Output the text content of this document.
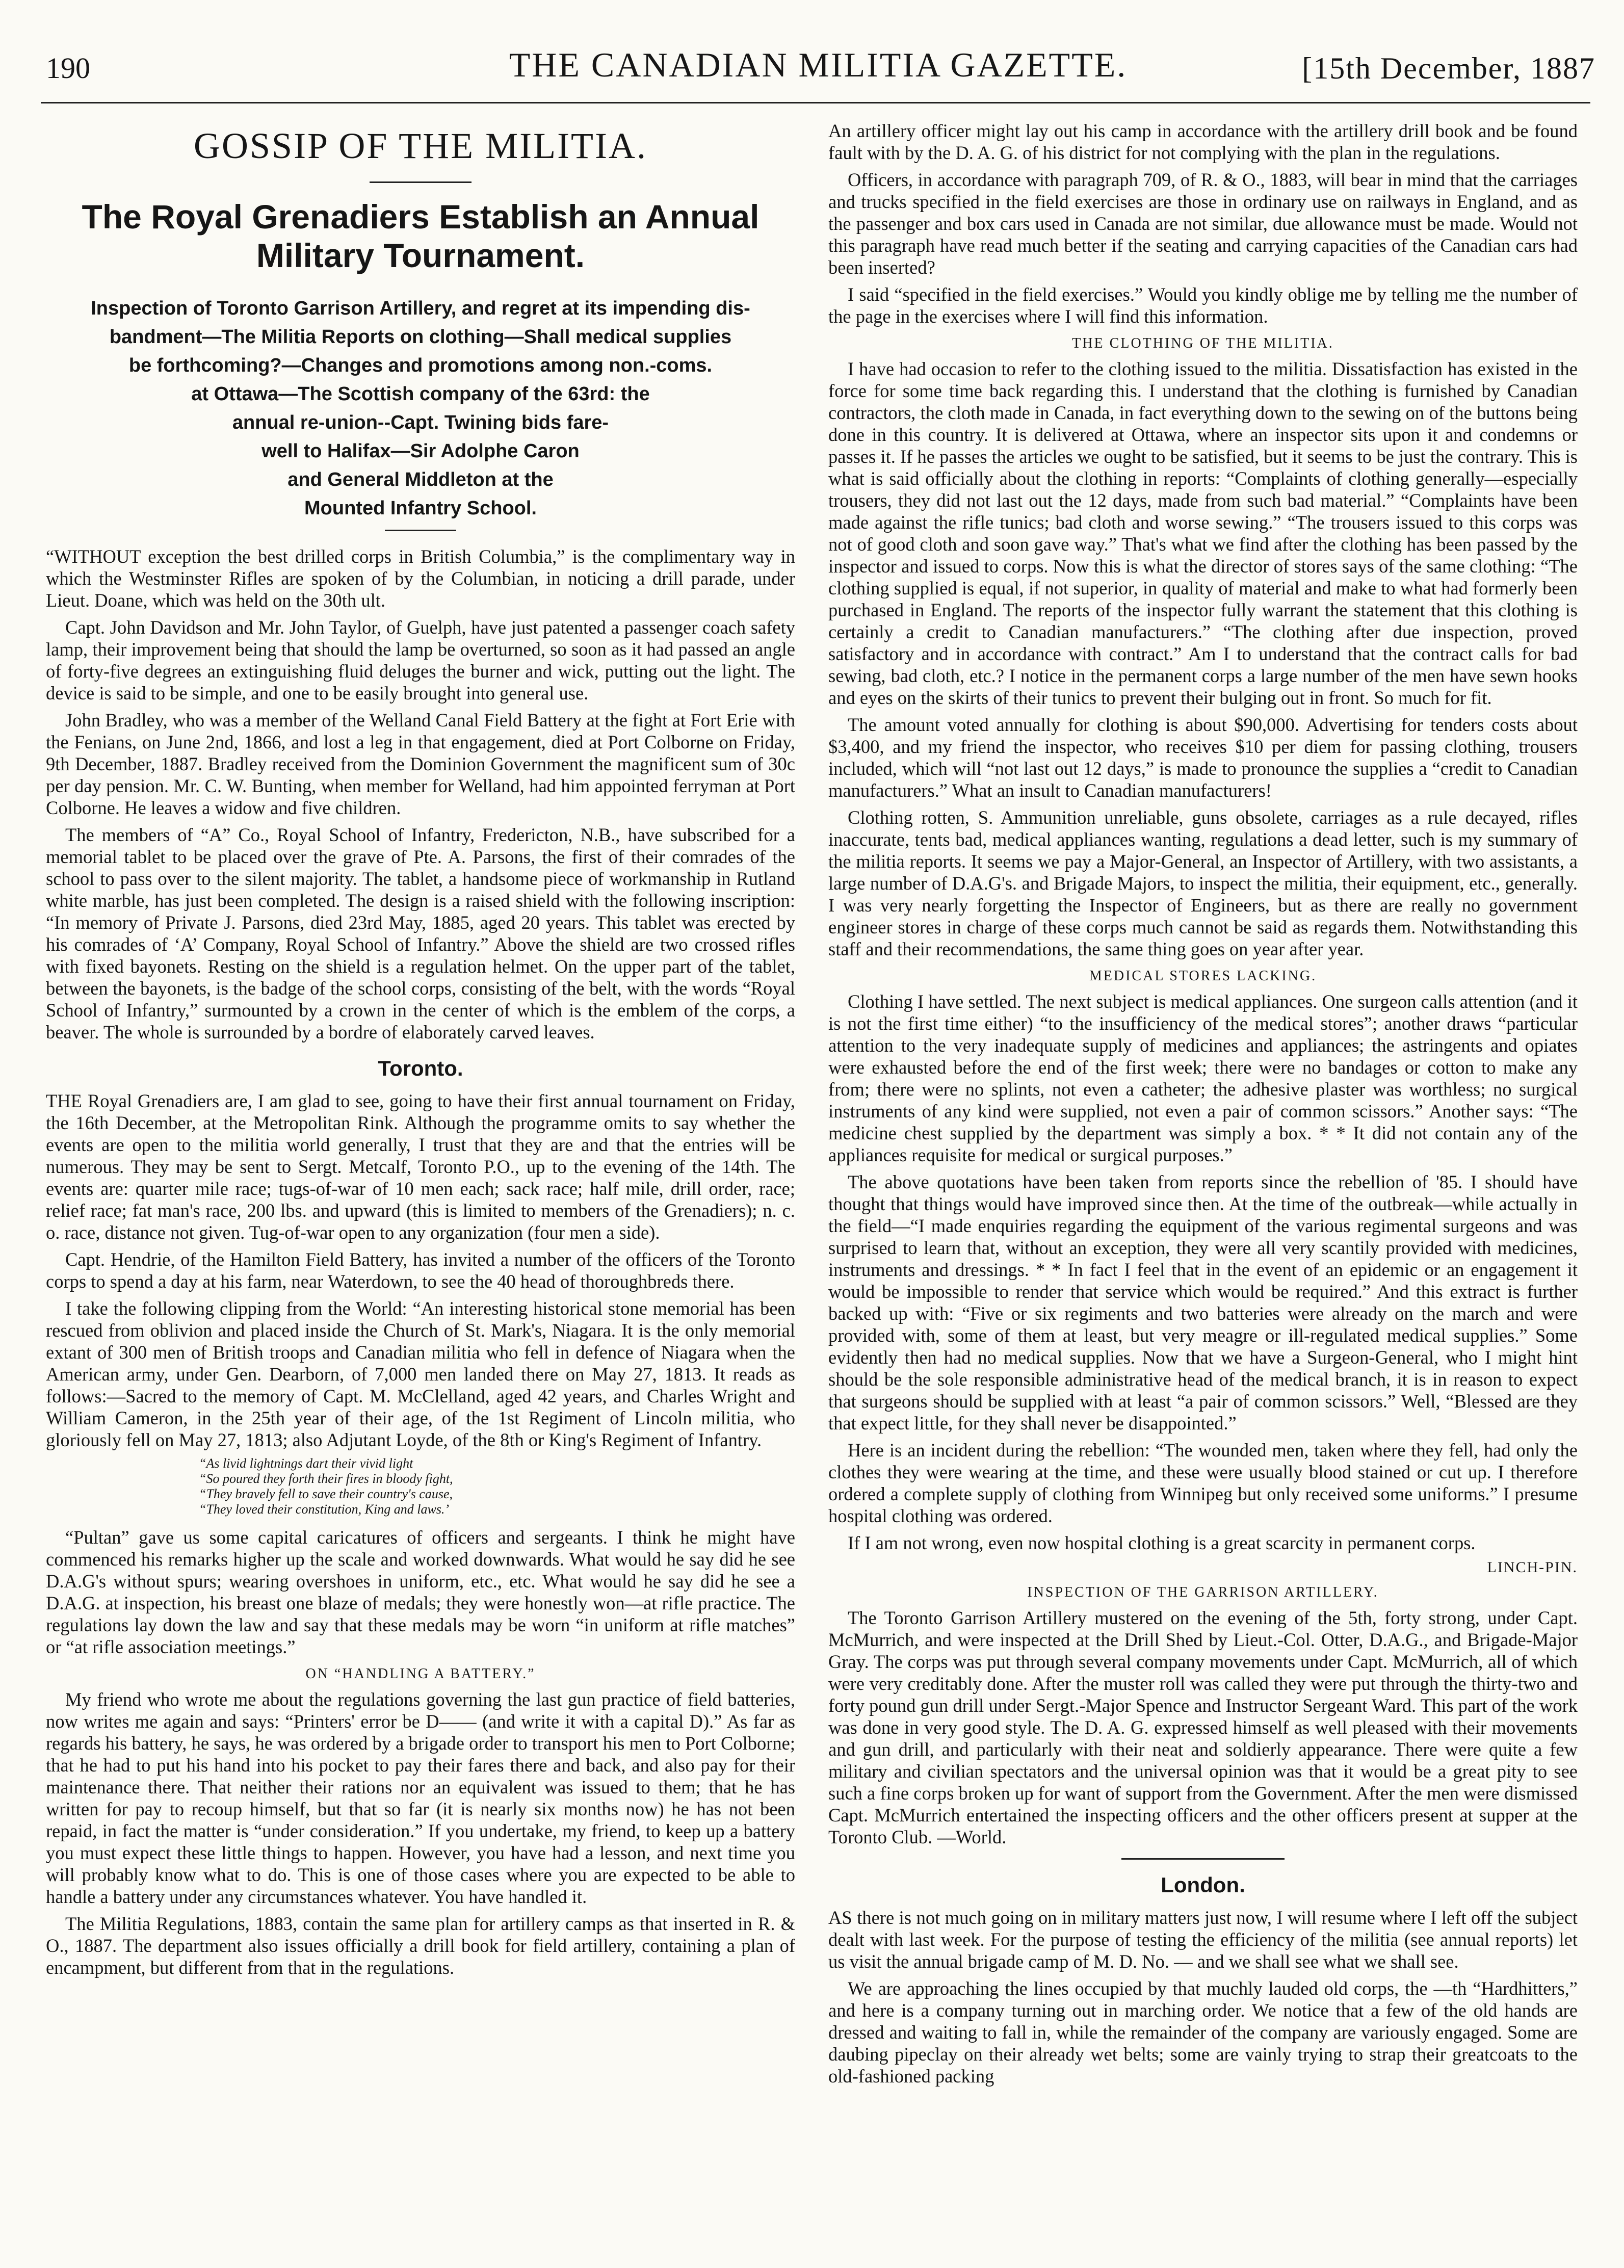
190	THE CANADIAN MILITIA GAZETTE.	[15th December, 1887
GOSSIP OF THE MILITIA.
The Royal Grenadiers Establish an Annual Military Tournament.
Inspection of Toronto Garrison Artillery, and regret at its impending dis-
bandment—The Militia Reports on clothing—Shall medical supplies
be forthcoming?—Changes and promotions among non.-coms.
at Ottawa—The Scottish company of the 63rd: the
annual re-union--Capt. Twining bids fare-
well to Halifax—Sir Adolphe Caron
and General Middleton at the
Mounted Infantry School.

“WITHOUT exception the best drilled corps in British Columbia,” is the complimentary way in which the Westminster Rifles are spoken of by the Columbian, in noticing a drill parade, under Lieut. Doane, which was held on the 30th ult.

Capt. John Davidson and Mr. John Taylor, of Guelph, have just patented a passenger coach safety lamp, their improvement being that should the lamp be overturned, so soon as it had passed an angle of forty-five degrees an extinguishing fluid deluges the burner and wick, putting out the light. The device is said to be simple, and one to be easily brought into general use.

John Bradley, who was a member of the Welland Canal Field Battery at the fight at Fort Erie with the Fenians, on June 2nd, 1866, and lost a leg in that engagement, died at Port Colborne on Friday, 9th December, 1887. Bradley received from the Dominion Government the magnificent sum of 30c per day pension. Mr. C. W. Bunting, when member for Welland, had him appointed ferryman at Port Colborne. He leaves a widow and five children.

The members of “A” Co., Royal School of Infantry, Fredericton, N.B., have subscribed for a memorial tablet to be placed over the grave of Pte. A. Parsons, the first of their comrades of the school to pass over to the silent majority. The tablet, a handsome piece of workmanship in Rutland white marble, has just been completed. The design is a raised shield with the following inscription: “In memory of Private J. Parsons, died 23rd May, 1885, aged 20 years. This tablet was erected by his comrades of ‘A’ Company, Royal School of Infantry.” Above the shield are two crossed rifles with fixed bayonets. Resting on the shield is a regulation helmet. On the upper part of the tablet, between the bayonets, is the badge of the school corps, consisting of the belt, with the words “Royal School of Infantry,” surmounted by a crown in the center of which is the emblem of the corps, a beaver. The whole is surrounded by a bordre of elaborately carved leaves.

Toronto.

THE Royal Grenadiers are, I am glad to see, going to have their first annual tournament on Friday, the 16th December, at the Metropolitan Rink. Although the programme omits to say whether the events are open to the militia world generally, I trust that they are and that the entries will be numerous. They may be sent to Sergt. Metcalf, Toronto P.O., up to the evening of the 14th. The events are: quarter mile race; tugs-of-war of 10 men each; sack race; half mile, drill order, race; relief race; fat man's race, 200 lbs. and upward (this is limited to members of the Grenadiers); n. c. o. race, distance not given. Tug-of-war open to any organization (four men a side).

Capt. Hendrie, of the Hamilton Field Battery, has invited a number of the officers of the Toronto corps to spend a day at his farm, near Waterdown, to see the 40 head of thoroughbreds there.

I take the following clipping from the World: “An interesting historical stone memorial has been rescued from oblivion and placed inside the Church of St. Mark's, Niagara. It is the only memorial extant of 300 men of British troops and Canadian militia who fell in defence of Niagara when the American army, under Gen. Dearborn, of 7,000 men landed there on May 27, 1813. It reads as follows:—Sacred to the memory of Capt. M. McClelland, aged 42 years, and Charles Wright and William Cameron, in the 25th year of their age, of the 1st Regiment of Lincoln militia, who gloriously fell on May 27, 1813; also Adjutant Loyde, of the 8th or King's Regiment of Infantry.

“As livid lightnings dart their vivid light
“So poured they forth their fires in bloody fight,
“They bravely fell to save their country's cause,
“They loved their constitution, King and laws.’

“Pultan” gave us some capital caricatures of officers and sergeants. I think he might have commenced his remarks higher up the scale and worked downwards. What would he say did he see D.A.G's without spurs; wearing overshoes in uniform, etc., etc. What would he say did he see a D.A.G. at inspection, his breast one blaze of medals; they were honestly won—at rifle practice. The regulations lay down the law and say that these medals may be worn “in uniform at rifle matches” or “at rifle association meetings.”

ON “HANDLING A BATTERY.”

My friend who wrote me about the regulations governing the last gun practice of field batteries, now writes me again and says: “Printers' error be D—— (and write it with a capital D).” As far as regards his battery, he says, he was ordered by a brigade order to transport his men to Port Colborne; that he had to put his hand into his pocket to pay their fares there and back, and also pay for their maintenance there. That neither their rations nor an equivalent was issued to them; that he has written for pay to recoup himself, but that so far (it is nearly six months now) he has not been repaid, in fact the matter is “under consideration.” If you undertake, my friend, to keep up a battery you must expect these little things to happen. However, you have had a lesson, and next time you will probably know what to do. This is one of those cases where you are expected to be able to handle a battery under any circumstances whatever. You have handled it.

The Militia Regulations, 1883, contain the same plan for artillery camps as that inserted in R. & O., 1887. The department also issues officially a drill book for field artillery, containing a plan of encampment, but different from that in the regulations.

An artillery officer might lay out his camp in accordance with the artillery drill book and be found fault with by the D. A. G. of his district for not complying with the plan in the regulations.

Officers, in accordance with paragraph 709, of R. & O., 1883, will bear in mind that the carriages and trucks specified in the field exercises are those in ordinary use on railways in England, and as the passenger and box cars used in Canada are not similar, due allowance must be made. Would not this paragraph have read much better if the seating and carrying capacities of the Canadian cars had been inserted?

I said “specified in the field exercises.” Would you kindly oblige me by telling me the number of the page in the exercises where I will find this information.

THE CLOTHING OF THE MILITIA.

I have had occasion to refer to the clothing issued to the militia. Dissatisfaction has existed in the force for some time back regarding this. I understand that the clothing is furnished by Canadian contractors, the cloth made in Canada, in fact everything down to the sewing on of the buttons being done in this country. It is delivered at Ottawa, where an inspector sits upon it and condemns or passes it. If he passes the articles we ought to be satisfied, but it seems to be just the contrary. This is what is said officially about the clothing in reports: “Complaints of clothing generally—especially trousers, they did not last out the 12 days, made from such bad material.” “Complaints have been made against the rifle tunics; bad cloth and worse sewing.” “The trousers issued to this corps was not of good cloth and soon gave way.” That's what we find after the clothing has been passed by the inspector and issued to corps. Now this is what the director of stores says of the same clothing: “The clothing supplied is equal, if not superior, in quality of material and make to what had formerly been purchased in England. The reports of the inspector fully warrant the statement that this clothing is certainly a credit to Canadian manufacturers.” “The clothing after due inspection, proved satisfactory and in accordance with contract.” Am I to understand that the contract calls for bad sewing, bad cloth, etc.? I notice in the permanent corps a large number of the men have sewn hooks and eyes on the skirts of their tunics to prevent their bulging out in front. So much for fit.

The amount voted annually for clothing is about $90,000. Advertising for tenders costs about $3,400, and my friend the inspector, who receives $10 per diem for passing clothing, trousers included, which will “not last out 12 days,” is made to pronounce the supplies a “credit to Canadian manufacturers.” What an insult to Canadian manufacturers!

Clothing rotten, S. Ammunition unreliable, guns obsolete, carriages as a rule decayed, rifles inaccurate, tents bad, medical appliances wanting, regulations a dead letter, such is my summary of the militia reports. It seems we pay a Major-General, an Inspector of Artillery, with two assistants, a large number of D.A.G's. and Brigade Majors, to inspect the militia, their equipment, etc., generally. I was very nearly forgetting the Inspector of Engineers, but as there are really no government engineer stores in charge of these corps much cannot be said as regards them. Notwithstanding this staff and their recommendations, the same thing goes on year after year.

MEDICAL STORES LACKING.

Clothing I have settled. The next subject is medical appliances. One surgeon calls attention (and it is not the first time either) “to the insufficiency of the medical stores”; another draws “particular attention to the very inadequate supply of medicines and appliances; the astringents and opiates were exhausted before the end of the first week; there were no bandages or cotton to make any from; there were no splints, not even a catheter; the adhesive plaster was worthless; no surgical instruments of any kind were supplied, not even a pair of common scissors.” Another says: “The medicine chest supplied by the department was simply a box. * * It did not contain any of the appliances requisite for medical or surgical purposes.”

The above quotations have been taken from reports since the rebellion of '85. I should have thought that things would have improved since then. At the time of the outbreak—while actually in the field—“I made enquiries regarding the equipment of the various regimental surgeons and was surprised to learn that, without an exception, they were all very scantily provided with medicines, instruments and dressings. * * In fact I feel that in the event of an epidemic or an engagement it would be impossible to render that service which would be required.” And this extract is further backed up with: “Five or six regiments and two batteries were already on the march and were provided with, some of them at least, but very meagre or ill-regulated medical supplies.” Some evidently then had no medical supplies. Now that we have a Surgeon-General, who I might hint should be the sole responsible administrative head of the medical branch, it is in reason to expect that surgeons should be supplied with at least “a pair of common scissors.” Well, “Blessed are they that expect little, for they shall never be disappointed.”

Here is an incident during the rebellion: “The wounded men, taken where they fell, had only the clothes they were wearing at the time, and these were usually blood stained or cut up. I therefore ordered a complete supply of clothing from Winnipeg but only received some uniforms.” I presume hospital clothing was ordered.

If I am not wrong, even now hospital clothing is a great scarcity in permanent corps.

LINCH-PIN.
INSPECTION OF THE GARRISON ARTILLERY.

The Toronto Garrison Artillery mustered on the evening of the 5th, forty strong, under Capt. McMurrich, and were inspected at the Drill Shed by Lieut.-Col. Otter, D.A.G., and Brigade-Major Gray. The corps was put through several company movements under Capt. McMurrich, all of which were very creditably done. After the muster roll was called they were put through the thirty-two and forty pound gun drill under Sergt.-Major Spence and Instructor Sergeant Ward. This part of the work was done in very good style. The D. A. G. expressed himself as well pleased with their movements and gun drill, and particularly with their neat and soldierly appearance. There were quite a few military and civilian spectators and the universal opinion was that it would be a great pity to see such a fine corps broken up for want of support from the Government. After the men were dismissed Capt. McMurrich entertained the inspecting officers and the other officers present at supper at the Toronto Club. —World.

London.

AS there is not much going on in military matters just now, I will resume where I left off the subject dealt with last week. For the purpose of testing the efficiency of the militia (see annual reports) let us visit the annual brigade camp of M. D. No. — and we shall see what we shall see.

We are approaching the lines occupied by that muchly lauded old corps, the —th “Hardhitters,” and here is a company turning out in marching order. We notice that a few of the old hands are dressed and waiting to fall in, while the remainder of the company are variously engaged. Some are daubing pipeclay on their already wet belts; some are vainly trying to strap their greatcoats to the old-fashioned packing
